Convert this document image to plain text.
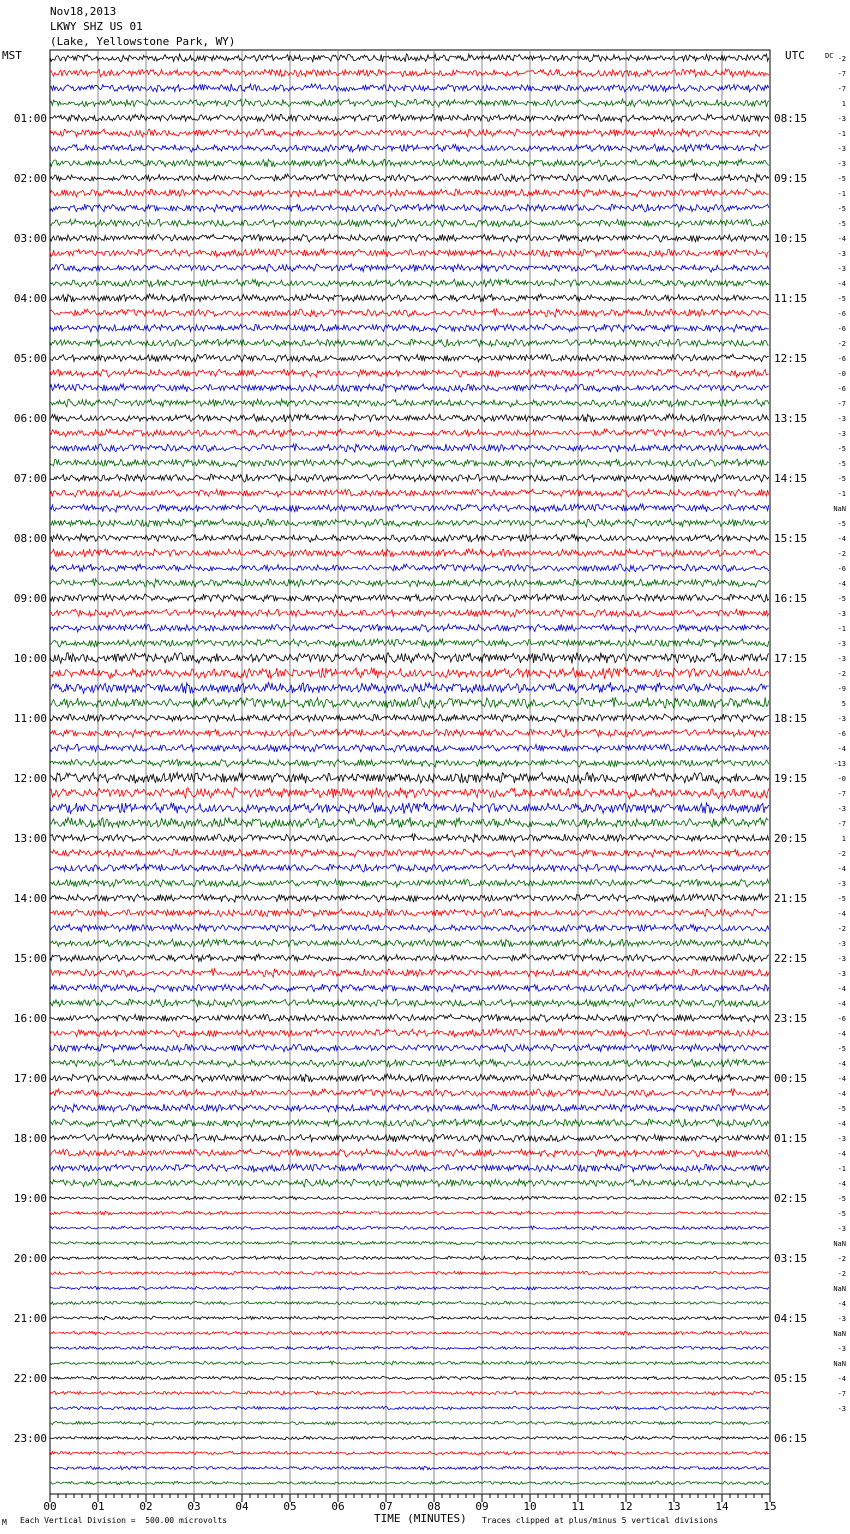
Nov18,2013
LKWY SHZ US 01
(Lake, Yellowstone Park, WY)
MST	UTC
01:00
02:00
03:00
04:00
05:00
06:00
07:00
08:00
09:00
10:00
11:00
12:00
13:00
14:00
15:00
16:00
17:00
18:00
19:00
20:00
21:00
22:00
23:00
08:15
09:15
10:15
11:15
12:15
13:15
14:15
15:15
16:15
17:15
18:15
19:15
20:15
21:15
22:15
23:15
00:15
01:15
02:15
03:15
04:15
05:15
06:15
DC -2
-7
-7
1
-3
-1
-3
-3
-5
-1
-5
-5
-4
-3
-3
-4
-5
-6
-6
-2
-6
-0
-6
-7
-3
-3
-5
-5
-5
-1
NaN
-5
-4
-2
-6
-4
-5
-3
-1
-3
-3
-2
-9
5
-3
-6
-4
-13
-0
-7
-3
-7
1
-2
-4
-3
-5
-4
-2
-3
-3
-3
-4
-4
-6
-4
-5
-4
-4
-4
-5
-4
-3
-4
-1
-4
-5
-5
-3
NaN
-2
-2
NaN
-4
-3
NaN
-3
NaN
-4
-7
-3
00	01	02	03	04	05	06	07	08	09	10	11	12	13	14	15
M Each Vertical Division =  500.00 microvolts	TIME (MINUTES) Traces clipped at plus/minus 5 vertical divisions
